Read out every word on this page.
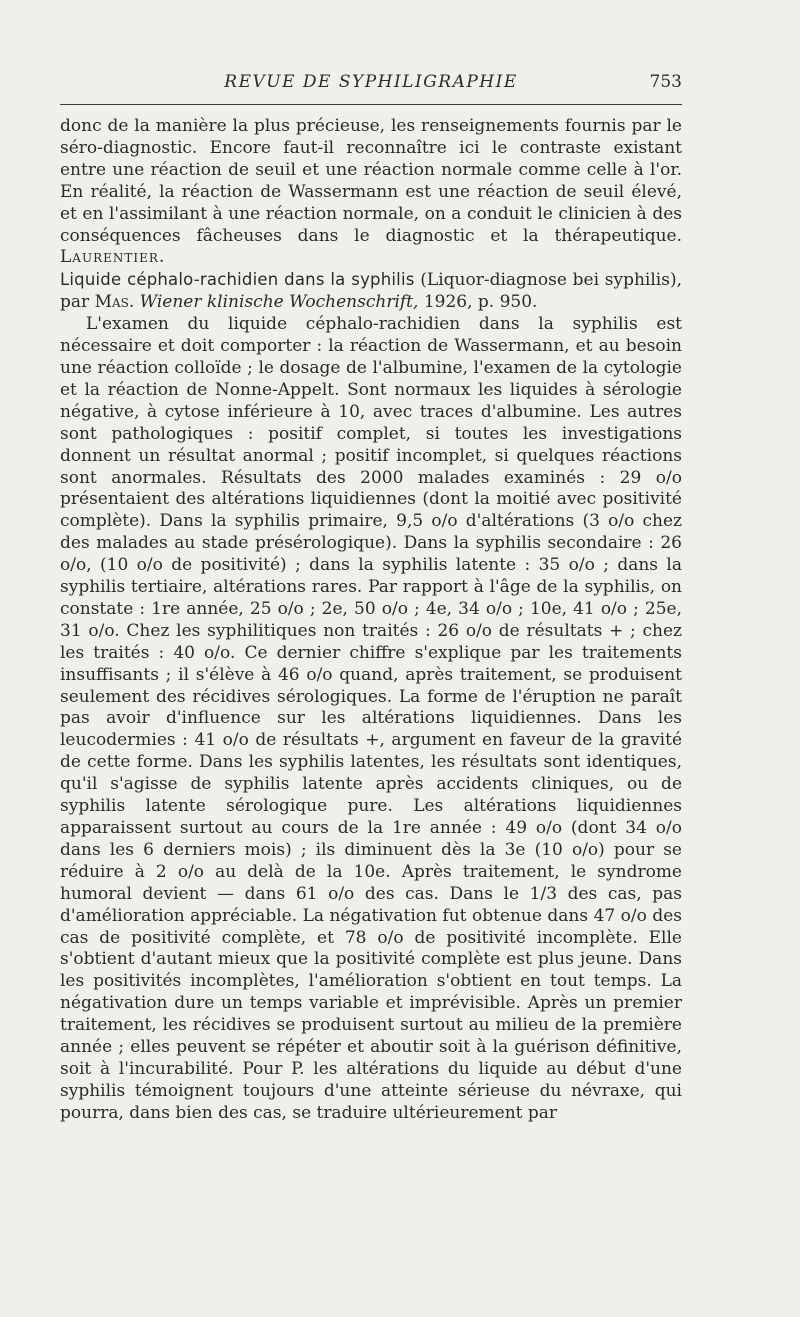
REVUE DE SYPHILIGRAPHIE	753

donc de la manière la plus précieuse, les renseignements fournis par le séro-diagnostic. Encore faut-il reconnaître ici le contraste existant entre une réaction de seuil et une réaction normale comme celle à l'or. En réalité, la réaction de Wassermann est une réaction de seuil élevé, et en l'assimilant à une réaction normale, on a conduit le clinicien à des conséquences fâcheuses dans le diagnostic et la thérapeutique. Laurentier.

Liquide céphalo-rachidien dans la syphilis (Liquor-diagnose bei syphilis), par Mas. Wiener klinische Wochenschrift, 1926, p. 950.

L'examen du liquide céphalo-rachidien dans la syphilis est nécessaire et doit comporter : la réaction de Wassermann, et au besoin une réaction colloïde ; le dosage de l'albumine, l'examen de la cytologie et la réaction de Nonne-Appelt. Sont normaux les liquides à sérologie négative, à cytose inférieure à 10, avec traces d'albumine. Les autres sont pathologiques : positif complet, si toutes les investigations donnent un résultat anormal ; positif incomplet, si quelques réactions sont anormales. Résultats des 2000 malades examinés : 29 o/o présentaient des altérations liquidiennes (dont la moitié avec positivité complète). Dans la syphilis primaire, 9,5 o/o d'altérations (3 o/o chez des malades au stade présérologique). Dans la syphilis secondaire : 26 o/o, (10 o/o de positivité) ; dans la syphilis latente : 35 o/o ; dans la syphilis tertiaire, altérations rares. Par rapport à l'âge de la syphilis, on constate : 1re année, 25 o/o ; 2e, 50 o/o ; 4e, 34 o/o ; 10e, 41 o/o ; 25e, 31 o/o. Chez les syphilitiques non traités : 26 o/o de résultats + ; chez les traités : 40 o/o. Ce dernier chiffre s'explique par les traitements insuffisants ; il s'élève à 46 o/o quand, après traitement, se produisent seulement des récidives sérologiques. La forme de l'éruption ne paraît pas avoir d'influence sur les altérations liquidiennes. Dans les leucodermies : 41 o/o de résultats +, argument en faveur de la gravité de cette forme. Dans les syphilis latentes, les résultats sont identiques, qu'il s'agisse de syphilis latente après accidents cliniques, ou de syphilis latente sérologique pure. Les altérations liquidiennes apparaissent surtout au cours de la 1re année : 49 o/o (dont 34 o/o dans les 6 derniers mois) ; ils diminuent dès la 3e (10 o/o) pour se réduire à 2 o/o au delà de la 10e. Après traitement, le syndrome humoral devient — dans 61 o/o des cas. Dans le 1/3 des cas, pas d'amélioration appréciable. La négativation fut obtenue dans 47 o/o des cas de positivité complète, et 78 o/o de positivité incomplète. Elle s'obtient d'autant mieux que la positivité complète est plus jeune. Dans les positivités incomplètes, l'amélioration s'obtient en tout temps. La négativation dure un temps variable et imprévisible. Après un premier traitement, les récidives se produisent surtout au milieu de la première année ; elles peuvent se répéter et aboutir soit à la guérison définitive, soit à l'incurabilité. Pour P. les altérations du liquide au début d'une syphilis témoignent toujours d'une atteinte sérieuse du névraxe, qui pourra, dans bien des cas, se traduire ultérieurement par
